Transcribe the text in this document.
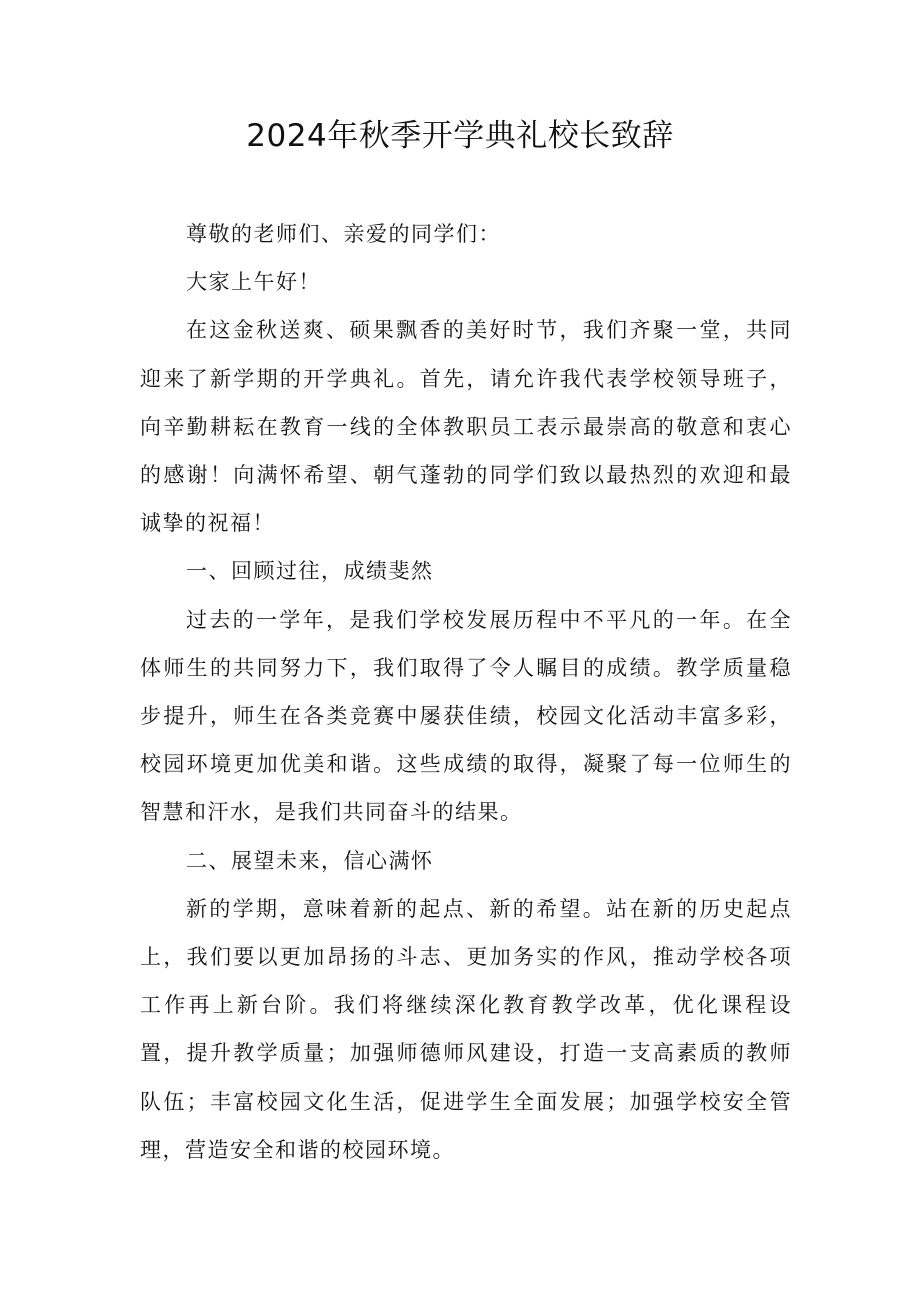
2024年秋季开学典礼校长致辞

尊敬的老师们、亲爱的同学们：

大家上午好！

在这金秋送爽、硕果飘香的美好时节，我们齐聚一堂，共同迎来了新学期的开学典礼。首先，请允许我代表学校领导班子，向辛勤耕耘在教育一线的全体教职员工表示最崇高的敬意和衷心的感谢！向满怀希望、朝气蓬勃的同学们致以最热烈的欢迎和最诚挚的祝福！

一、回顾过往，成绩斐然

过去的一学年，是我们学校发展历程中不平凡的一年。在全体师生的共同努力下，我们取得了令人瞩目的成绩。教学质量稳步提升，师生在各类竞赛中屡获佳绩，校园文化活动丰富多彩，校园环境更加优美和谐。这些成绩的取得，凝聚了每一位师生的智慧和汗水，是我们共同奋斗的结果。

二、展望未来，信心满怀

新的学期，意味着新的起点、新的希望。站在新的历史起点上，我们要以更加昂扬的斗志、更加务实的作风，推动学校各项工作再上新台阶。我们将继续深化教育教学改革，优化课程设置，提升教学质量；加强师德师风建设，打造一支高素质的教师队伍；丰富校园文化生活，促进学生全面发展；加强学校安全管理，营造安全和谐的校园环境。
